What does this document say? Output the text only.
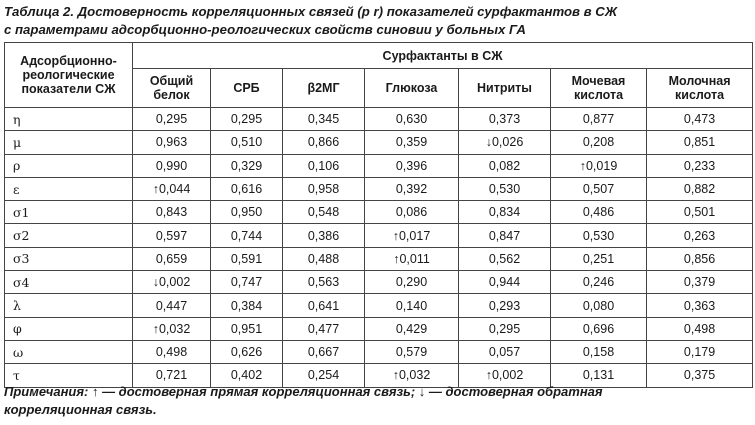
Таблица 2. Достоверность корреляционных связей (р r) показателей сурфактантов в СЖ
с параметрами адсорбционно-реологических свойств синовии у больных ГА
Адсорбционно-реологические показатели СЖ	Сурфактанты в СЖ						
	Общий белок	СРБ	β2МГ	Глюкоза	Нитриты	Мочевая кислота	Молочная кислота
η	0,295	0,295	0,345	0,630	0,373	0,877	0,473
μ	0,963	0,510	0,866	0,359	↓0,026	0,208	0,851
ρ	0,990	0,329	0,106	0,396	0,082	↑0,019	0,233
ε	↑0,044	0,616	0,958	0,392	0,530	0,507	0,882
σ1	0,843	0,950	0,548	0,086	0,834	0,486	0,501
σ2	0,597	0,744	0,386	↑0,017	0,847	0,530	0,263
σ3	0,659	0,591	0,488	↑0,011	0,562	0,251	0,856
σ4	↓0,002	0,747	0,563	0,290	0,944	0,246	0,379
λ	0,447	0,384	0,641	0,140	0,293	0,080	0,363
φ	↑0,032	0,951	0,477	0,429	0,295	0,696	0,498
ω	0,498	0,626	0,667	0,579	0,057	0,158	0,179
τ	0,721	0,402	0,254	↑0,032	↑0,002	0,131	0,375
Примечания: ↑ — достоверная прямая корреляционная связь; ↓ — достоверная обратная
корреляционная связь.
